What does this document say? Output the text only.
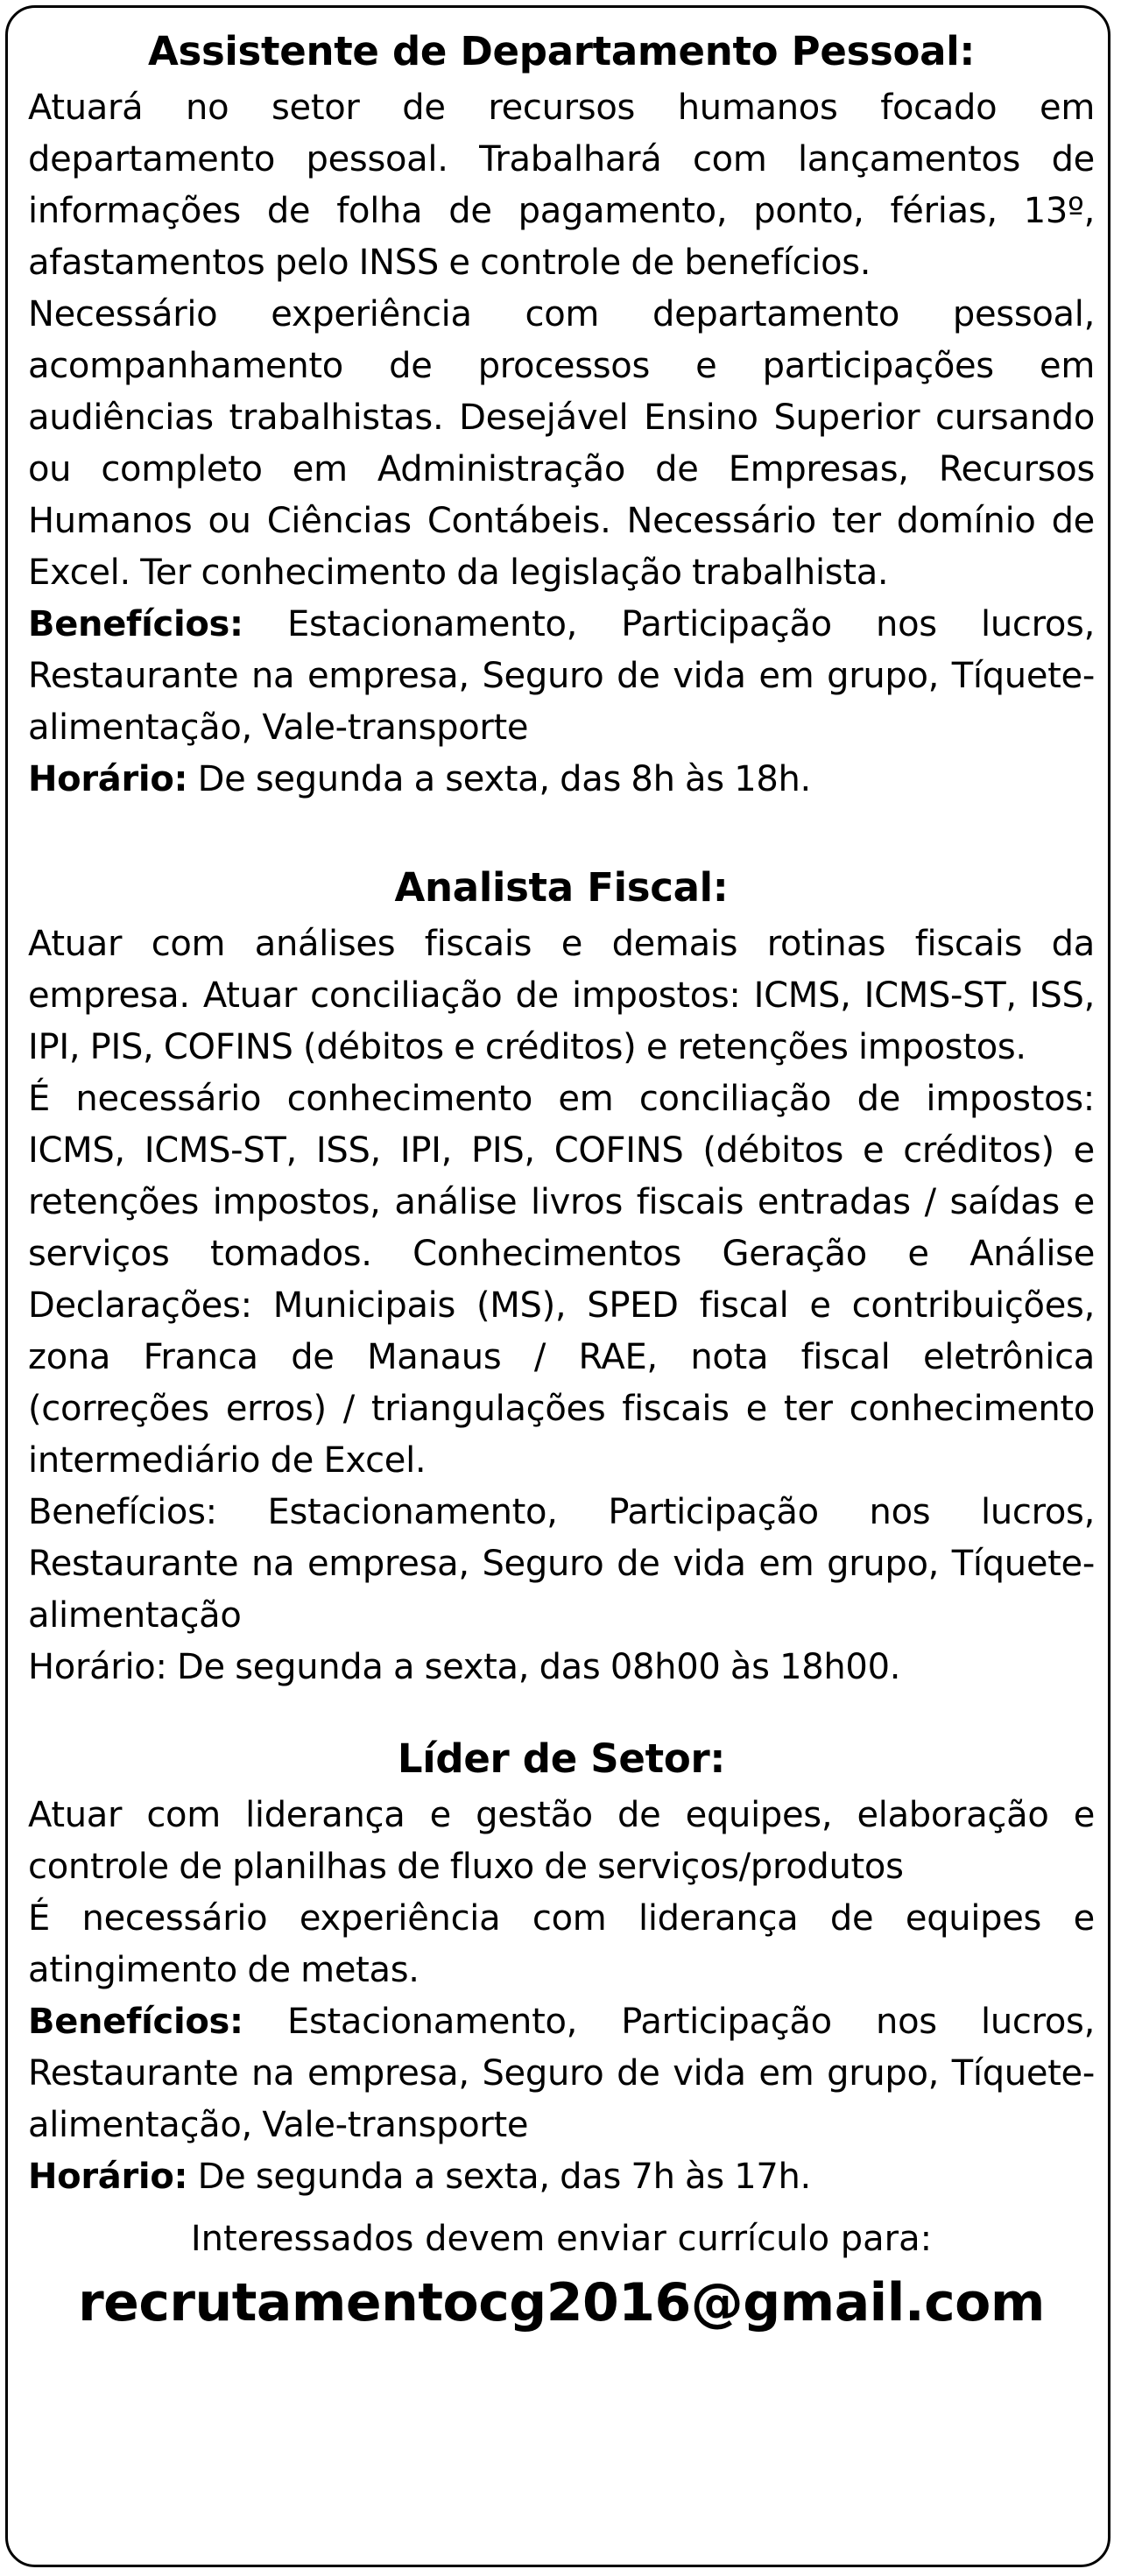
Assistente de Departamento Pessoal:

Atuará no setor de recursos humanos focado em departamento pessoal. Trabalhará com lançamentos de informações de folha de pagamento, ponto, férias, 13º, afastamentos pelo INSS e controle de benefícios.

Necessário experiência com departamento pessoal, acompanhamento de processos e participações em audiências trabalhistas. Desejável Ensino Superior cursando ou completo em Administração de Empresas, Recursos Humanos ou Ciências Contábeis. Necessário ter domínio de Excel. Ter conhecimento da legislação trabalhista.

Benefícios: Estacionamento, Participação nos lucros, Restaurante na empresa, Seguro de vida em grupo, Tíquete-alimentação, Vale-transporte

Horário: De segunda a sexta, das 8h às 18h.

Analista Fiscal:

Atuar com análises fiscais e demais rotinas fiscais da empresa. Atuar conciliação de impostos: ICMS, ICMS-ST, ISS, IPI, PIS, COFINS (débitos e créditos) e retenções impostos.

É necessário conhecimento em conciliação de impostos: ICMS, ICMS-ST, ISS, IPI, PIS, COFINS (débitos e créditos) e retenções impostos, análise livros fiscais entradas / saídas e serviços tomados. Conhecimentos Geração e Análise Declarações: Municipais (MS), SPED fiscal e contribuições, zona Franca de Manaus / RAE, nota fiscal eletrônica (correções erros) / triangulações fiscais e ter conhecimento intermediário de Excel.

Benefícios: Estacionamento, Participação nos lucros, Restaurante na empresa, Seguro de vida em grupo, Tíquete-alimentação

Horário: De segunda a sexta, das 08h00 às 18h00.

Líder de Setor:

Atuar com liderança e gestão de equipes, elaboração e controle de planilhas de fluxo de serviços/produtos

É necessário experiência com liderança de equipes e atingimento de metas.

Benefícios: Estacionamento, Participação nos lucros, Restaurante na empresa, Seguro de vida em grupo, Tíquete-alimentação, Vale-transporte

Horário: De segunda a sexta, das 7h às 17h.

Interessados devem enviar currículo para:
recrutamentocg2016@gmail.com
